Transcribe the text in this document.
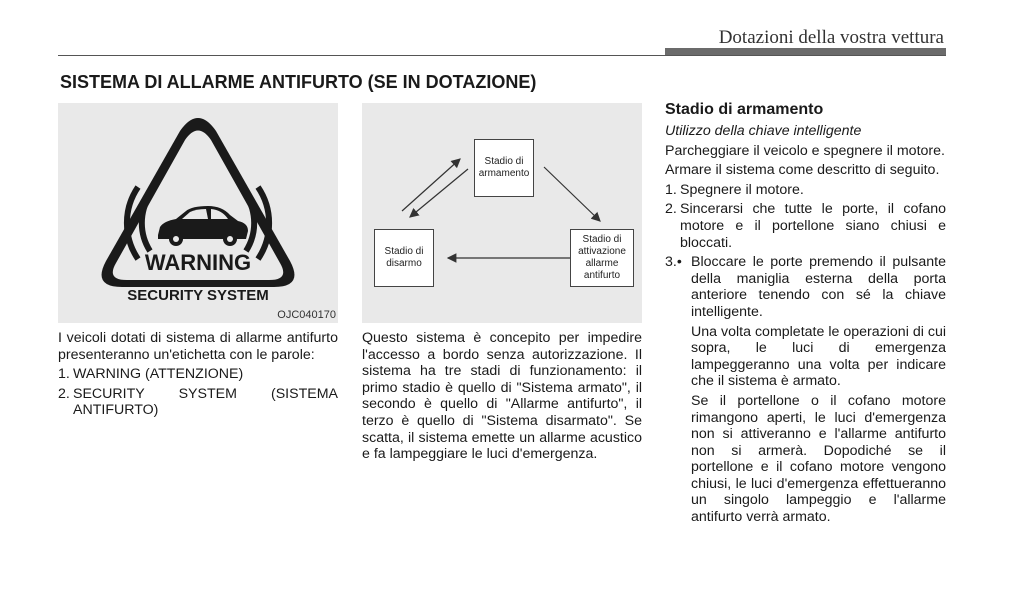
Dotazioni della vostra vettura
SISTEMA DI ALLARME ANTIFURTO (SE IN DOTAZIONE)
WARNING
SECURITY SYSTEM
OJC040170
Stadio di armamento
Stadio di attivazione allarme antifurto
Stadio di disarmo

I veicoli dotati di sistema di allarme antifurto presenteranno un'etichetta con le parole:

1. WARNING (ATTENZIONE)
2. SECURITY SYSTEM (SISTEMA ANTIFURTO)

Questo sistema è concepito per impedire l'accesso a bordo senza autorizzazione. Il sistema ha tre stadi di funzionamento: il primo stadio è quello di "Sistema armato", il secondo è quello di "Allarme antifurto", il terzo è quello di "Sistema disarmato". Se scatta, il sistema emette un allarme acustico e fa lampeggiare le luci d'emergenza.

Stadio di armamento
Utilizzo della chiave intelligente

Parcheggiare il veicolo e spegnere il motore.

Armare il sistema come descritto di seguito.

1. Spegnere il motore.
2. Sincerarsi che tutte le porte, il cofano motore e il portellone siano chiusi e bloccati.
3.• Bloccare le porte premendo il pulsante della maniglia esterna della porta anteriore tenendo con sé la chiave intelligente.

Una volta completate le operazioni di cui sopra, le luci di emergenza lampeggeranno una volta per indicare che il sistema è armato.

Se il portellone o il cofano motore rimangono aperti, le luci d'emergenza non si attiveranno e l'allarme antifurto non si armerà. Dopodiché se il portellone e il cofano motore vengono chiusi, le luci d'emergenza effettueranno un singolo lampeggio e l'allarme antifurto verrà armato.
